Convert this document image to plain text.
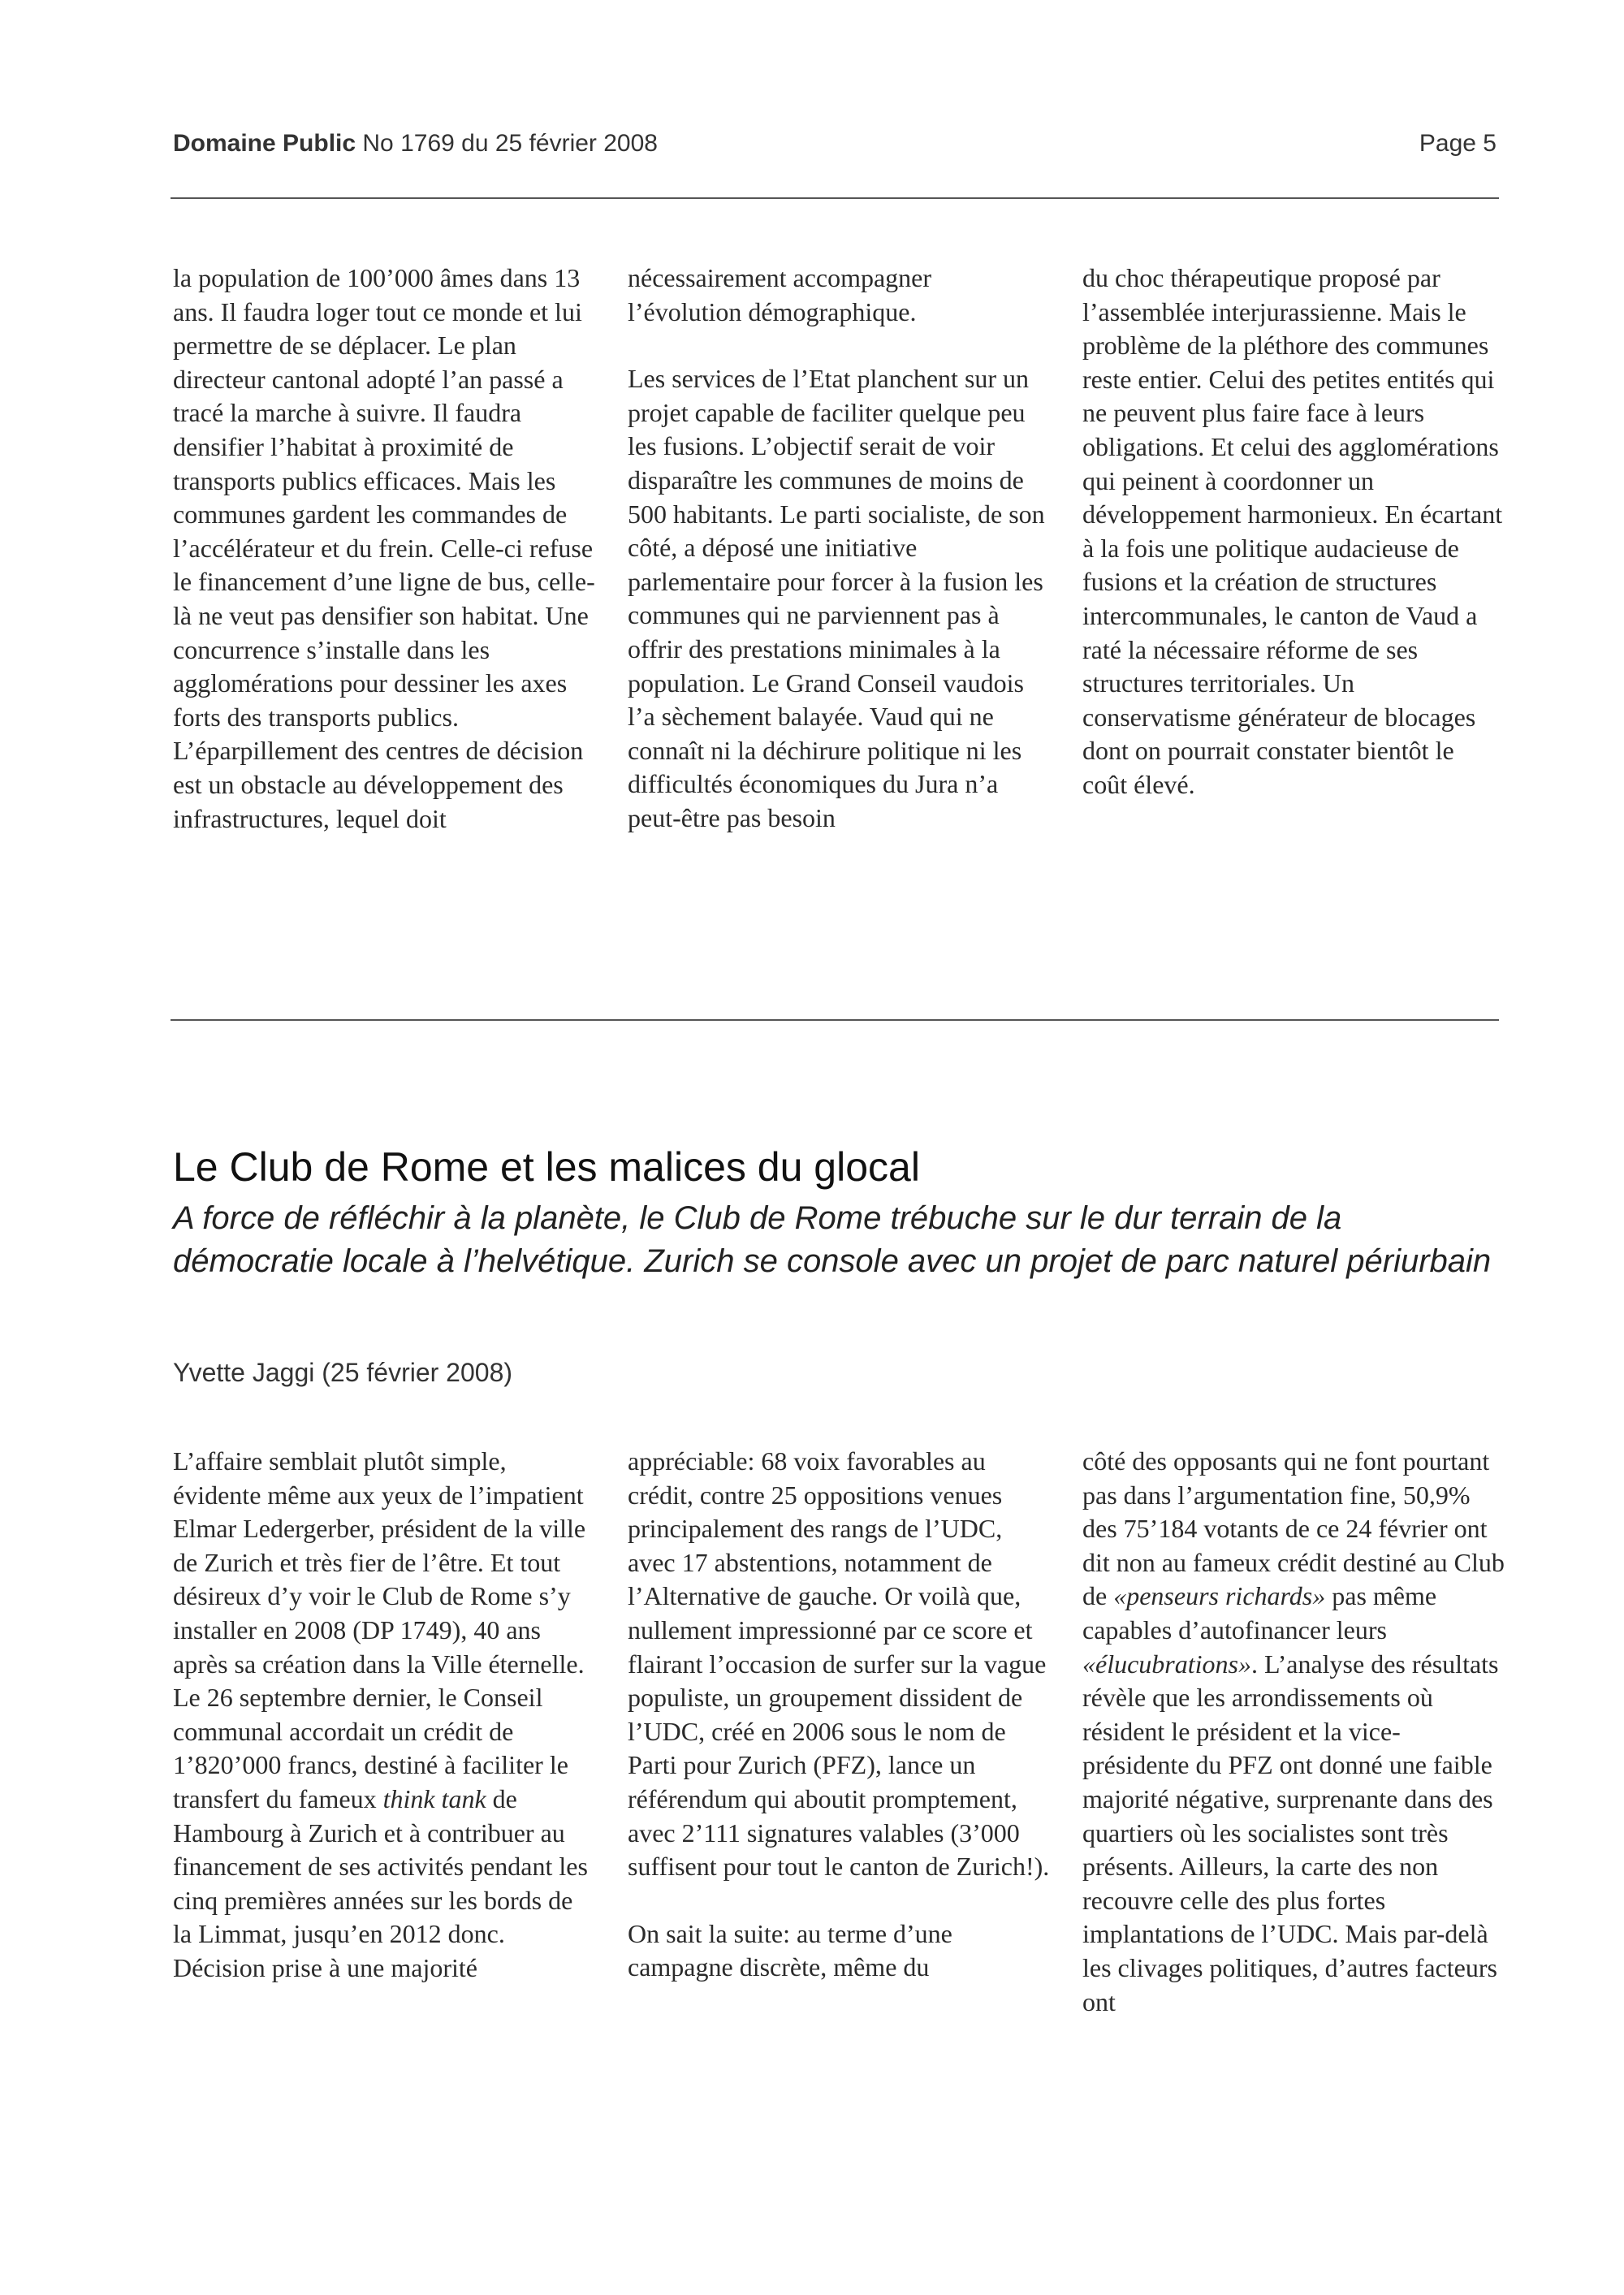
Domaine Public No 1769 du 25 février 2008	Page 5

la population de 100’000 âmes dans 13 ans. Il faudra loger tout ce monde et lui permettre de se déplacer. Le plan directeur cantonal adopté l’an passé a tracé la marche à suivre. Il faudra densifier l’habitat à proximité de transports publics efficaces. Mais les communes gardent les commandes de l’accélérateur et du frein. Celle-ci refuse le financement d’une ligne de bus, celle-là ne veut pas densifier son habitat. Une concurrence s’installe dans les agglomérations pour dessiner les axes forts des transports publics. L’éparpillement des centres de décision est un obstacle au développement des infrastructures, lequel doit

nécessairement accompagner l’évolution démographique.

Les services de l’Etat planchent sur un projet capable de faciliter quelque peu les fusions. L’objectif serait de voir disparaître les communes de moins de 500 habitants. Le parti socialiste, de son côté, a déposé une initiative parlementaire pour forcer à la fusion les communes qui ne parviennent pas à offrir des prestations minimales à la population. Le Grand Conseil vaudois l’a sèchement balayée. Vaud qui ne connaît ni la déchirure politique ni les difficultés économiques du Jura n’a peut-être pas besoin

du choc thérapeutique proposé par l’assemblée interjurassienne. Mais le problème de la pléthore des communes reste entier. Celui des petites entités qui ne peuvent plus faire face à leurs obligations. Et celui des agglomérations qui peinent à coordonner un développement harmonieux. En écartant à la fois une politique audacieuse de fusions et la création de structures intercommunales, le canton de Vaud a raté la nécessaire réforme de ses structures territoriales. Un conservatisme générateur de blocages dont on pourrait constater bientôt le coût élevé.

Le Club de Rome et les malices du glocal

A force de réfléchir à la planète, le Club de Rome trébuche sur le dur terrain de la démocratie locale à l’helvétique. Zurich se console avec un projet de parc naturel périurbain

Yvette Jaggi (25 février 2008)

L’affaire semblait plutôt simple, évidente même aux yeux de l’impatient Elmar Ledergerber, président de la ville de Zurich et très fier de l’être. Et tout désireux d’y voir le Club de Rome s’y installer en 2008 (DP 1749), 40 ans après sa création dans la Ville éternelle. Le 26 septembre dernier, le Conseil communal accordait un crédit de 1’820’000 francs, destiné à faciliter le transfert du fameux think tank de Hambourg à Zurich et à contribuer au financement de ses activités pendant les cinq premières années sur les bords de la Limmat, jusqu’en 2012 donc. Décision prise à une majorité

appréciable: 68 voix favorables au crédit, contre 25 oppositions venues principalement des rangs de l’UDC, avec 17 abstentions, notamment de l’Alternative de gauche. Or voilà que, nullement impressionné par ce score et flairant l’occasion de surfer sur la vague populiste, un groupement dissident de l’UDC, créé en 2006 sous le nom de Parti pour Zurich (PFZ), lance un référendum qui aboutit promptement, avec 2’111 signatures valables (3’000 suffisent pour tout le canton de Zurich!).

On sait la suite: au terme d’une campagne discrète, même du

côté des opposants qui ne font pourtant pas dans l’argumentation fine, 50,9% des 75’184 votants de ce 24 février ont dit non au fameux crédit destiné au Club de «penseurs richards» pas même capables d’autofinancer leurs «élucubrations». L’analyse des résultats révèle que les arrondissements où résident le président et la vice-présidente du PFZ ont donné une faible majorité négative, surprenante dans des quartiers où les socialistes sont très présents. Ailleurs, la carte des non recouvre celle des plus fortes implantations de l’UDC. Mais par-delà les clivages politiques, d’autres facteurs ont
